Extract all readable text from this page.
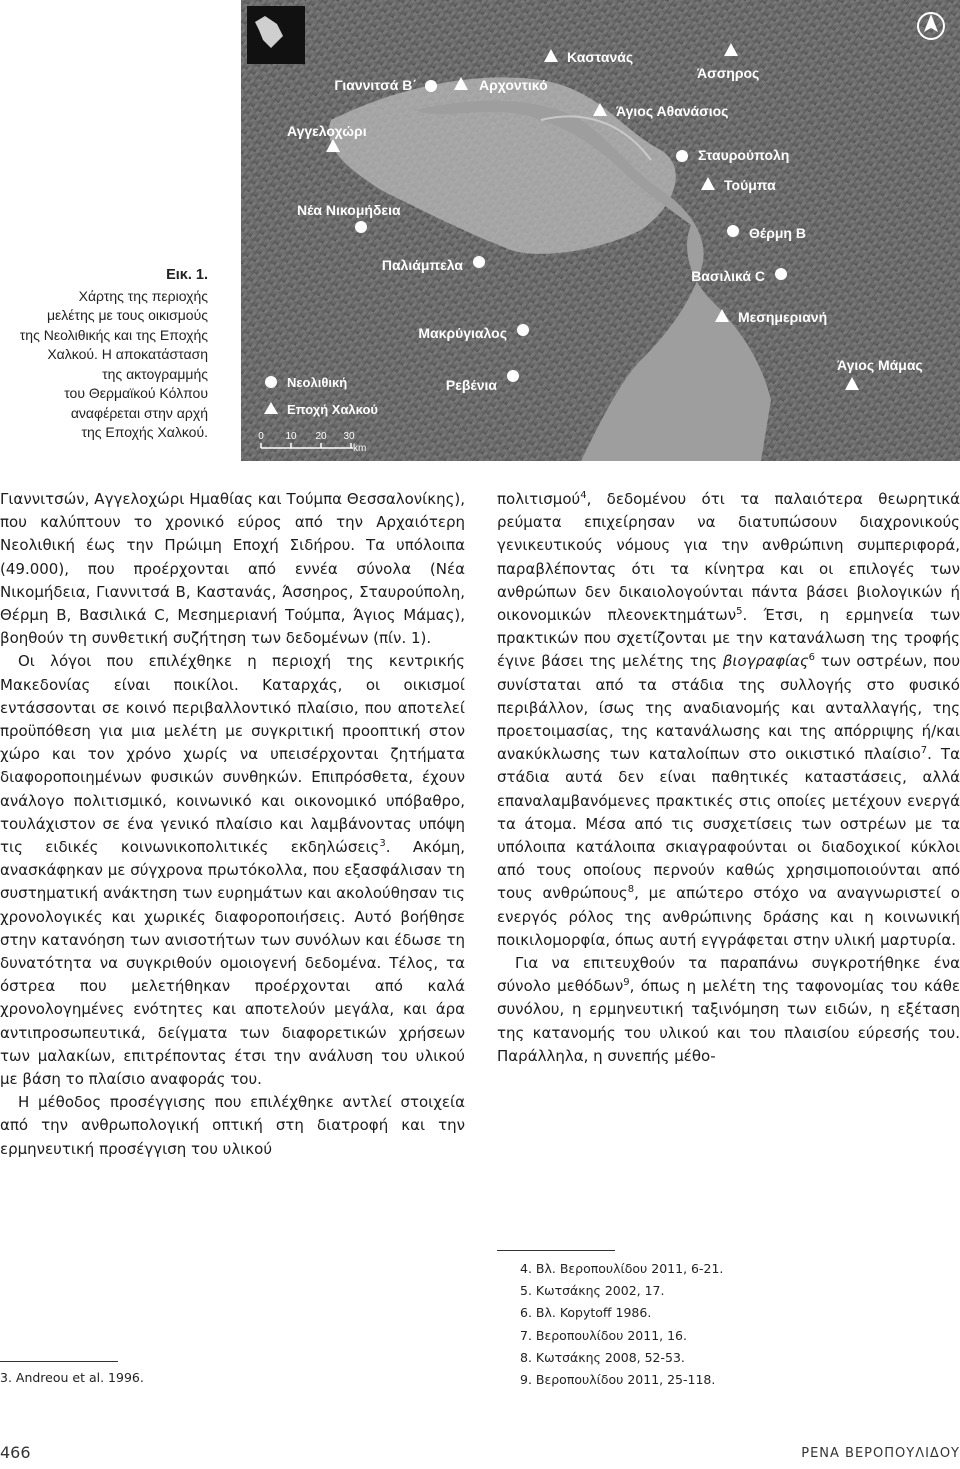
Εικ. 1.
Χάρτης της περιοχής
μελέτης με τους οικισμούς
της Νεολιθικής και της Εποχής
Χαλκού. Η αποκατάσταση
της ακτογραμμής
του Θερμαϊκού Κόλπου
αναφέρεται στην αρχή
της Εποχής Χαλκού.
Γιαννιτσά Β΄	Αρχοντικό
Καστανάς
Άσσηρος
Άγιος Αθανάσιος
Αγγελοχώρι
Σταυρούπολη
Τούμπα
Θέρμη Β
Νέα Νικομήδεια
Παλιάμπελα
Βασιλικά C
Μεσημεριανή
Μακρύγιαλος
Άγιος Μάμας
Ρεβένια
Νεολιθική
Εποχή Χαλκού
0 10 20 30
km

Γιαννιτσών, Αγγελοχώρι Ημαθίας και Τούμπα Θεσσαλονίκης), που καλύπτουν το χρονικό εύρος από την Αρχαιότερη Νεολιθική έως την Πρώιμη Εποχή Σιδήρου. Τα υπόλοιπα (49.000), που προέρχονται από εννέα σύνολα (Νέα Νικομήδεια, Γιαννιτσά Β, Καστανάς, Άσσηρος, Σταυρούπολη, Θέρμη Β, Βασιλικά C, Μεσημεριανή Τούμπα, Άγιος Μάμας), βοηθούν τη συνθετική συζήτηση των δεδομένων (πίν. 1).

Οι λόγοι που επιλέχθηκε η περιοχή της κεντρικής Μακεδονίας είναι ποικίλοι. Καταρχάς, οι οικισμοί εντάσσονται σε κοινό περιβαλλοντικό πλαίσιο, που αποτελεί προϋπόθεση για μια μελέτη με συγκριτική προοπτική στον χώρο και τον χρόνο χωρίς να υπεισέρχονται ζητήματα διαφοροποιημένων φυσικών συνθηκών. Επιπρόσθετα, έχουν ανάλογο πολιτισμικό, κοινωνικό και οικονομικό υπόβαθρο, τουλάχιστον σε ένα γενικό πλαίσιο και λαμβάνοντας υπόψη τις ειδικές κοινωνικοπολιτικές εκδηλώσεις$^3$. Ακόμη, ανασκάφηκαν με σύγχρονα πρωτόκολλα, που εξασφάλισαν τη συστηματική ανάκτηση των ευρημάτων και ακολούθησαν τις χρονολογικές και χωρικές διαφοροποιήσεις. Αυτό βοήθησε στην κατανόηση των ανισοτήτων των συνόλων και έδωσε τη δυνατότητα να συγκριθούν ομοιογενή δεδομένα. Τέλος, τα όστρεα που μελετήθηκαν προέρχονται από καλά χρονολογημένες ενότητες και αποτελούν μεγάλα, και άρα αντιπροσωπευτικά, δείγματα των διαφορετικών χρήσεων των μαλακίων, επιτρέποντας έτσι την ανάλυση του υλικού με βάση το πλαίσιο αναφοράς του.

Η μέθοδος προσέγγισης που επιλέχθηκε αντλεί στοιχεία από την ανθρωπολογική οπτική στη διατροφή και την ερμηνευτική προσέγγιση του υλικού

πολιτισμού$^4$, δεδομένου ότι τα παλαιότερα θεωρητικά ρεύματα επιχείρησαν να διατυπώσουν διαχρονικούς γενικευτικούς νόμους για την ανθρώπινη συμπεριφορά, παραβλέποντας ότι τα κίνητρα και οι επιλογές των ανθρώπων δεν δικαιολογούνται πάντα βάσει βιολογικών ή οικονομικών πλεονεκτημάτων$^5$. Έτσι, η ερμηνεία των πρακτικών που σχετίζονται με την κατανάλωση της τροφής έγινε βάσει της μελέτης της βιογραφίας$^6$ των οστρέων, που συνίσταται από τα στάδια της συλλογής στο φυσικό περιβάλλον, ίσως της αναδιανομής και ανταλλαγής, της προετοιμασίας, της κατανάλωσης και της απόρριψης ή/και ανακύκλωσης των καταλοίπων στο οικιστικό πλαίσιο$^7$. Τα στάδια αυτά δεν είναι παθητικές καταστάσεις, αλλά επαναλαμβανόμενες πρακτικές στις οποίες μετέχουν ενεργά τα άτομα. Μέσα από τις συσχετίσεις των οστρέων με τα υπόλοιπα κατάλοιπα σκιαγραφούνται οι διαδοχικοί κύκλοι από τους οποίους περνούν καθώς χρησιμοποιούνται από τους ανθρώπους$^8$, με απώτερο στόχο να αναγνωριστεί ο ενεργός ρόλος της ανθρώπινης δράσης και η κοινωνική ποικιλομορφία, όπως αυτή εγγράφεται στην υλική μαρτυρία.

Για να επιτευχθούν τα παραπάνω συγκροτήθηκε ένα σύνολο μεθόδων$^9$, όπως η μελέτη της ταφονομίας του κάθε συνόλου, η ερμηνευτική ταξινόμηση των ειδών, η εξέταση της κατανομής του υλικού και του πλαισίου εύρεσής του. Παράλληλα, η συνεπής μέθο-

3. Andreou et al. 1996.
4. Βλ. Βεροπουλίδου 2011, 6-21.
5. Κωτσάκης 2002, 17.
6. Βλ. Kopytoff 1986.
7. Βεροπουλίδου 2011, 16.
8. Κωτσάκης 2008, 52-53.
9. Βεροπουλίδου 2011, 25-118.
466	ΡΕΝΑ ΒΕΡΟΠΟΥΛΙΔΟΥ
